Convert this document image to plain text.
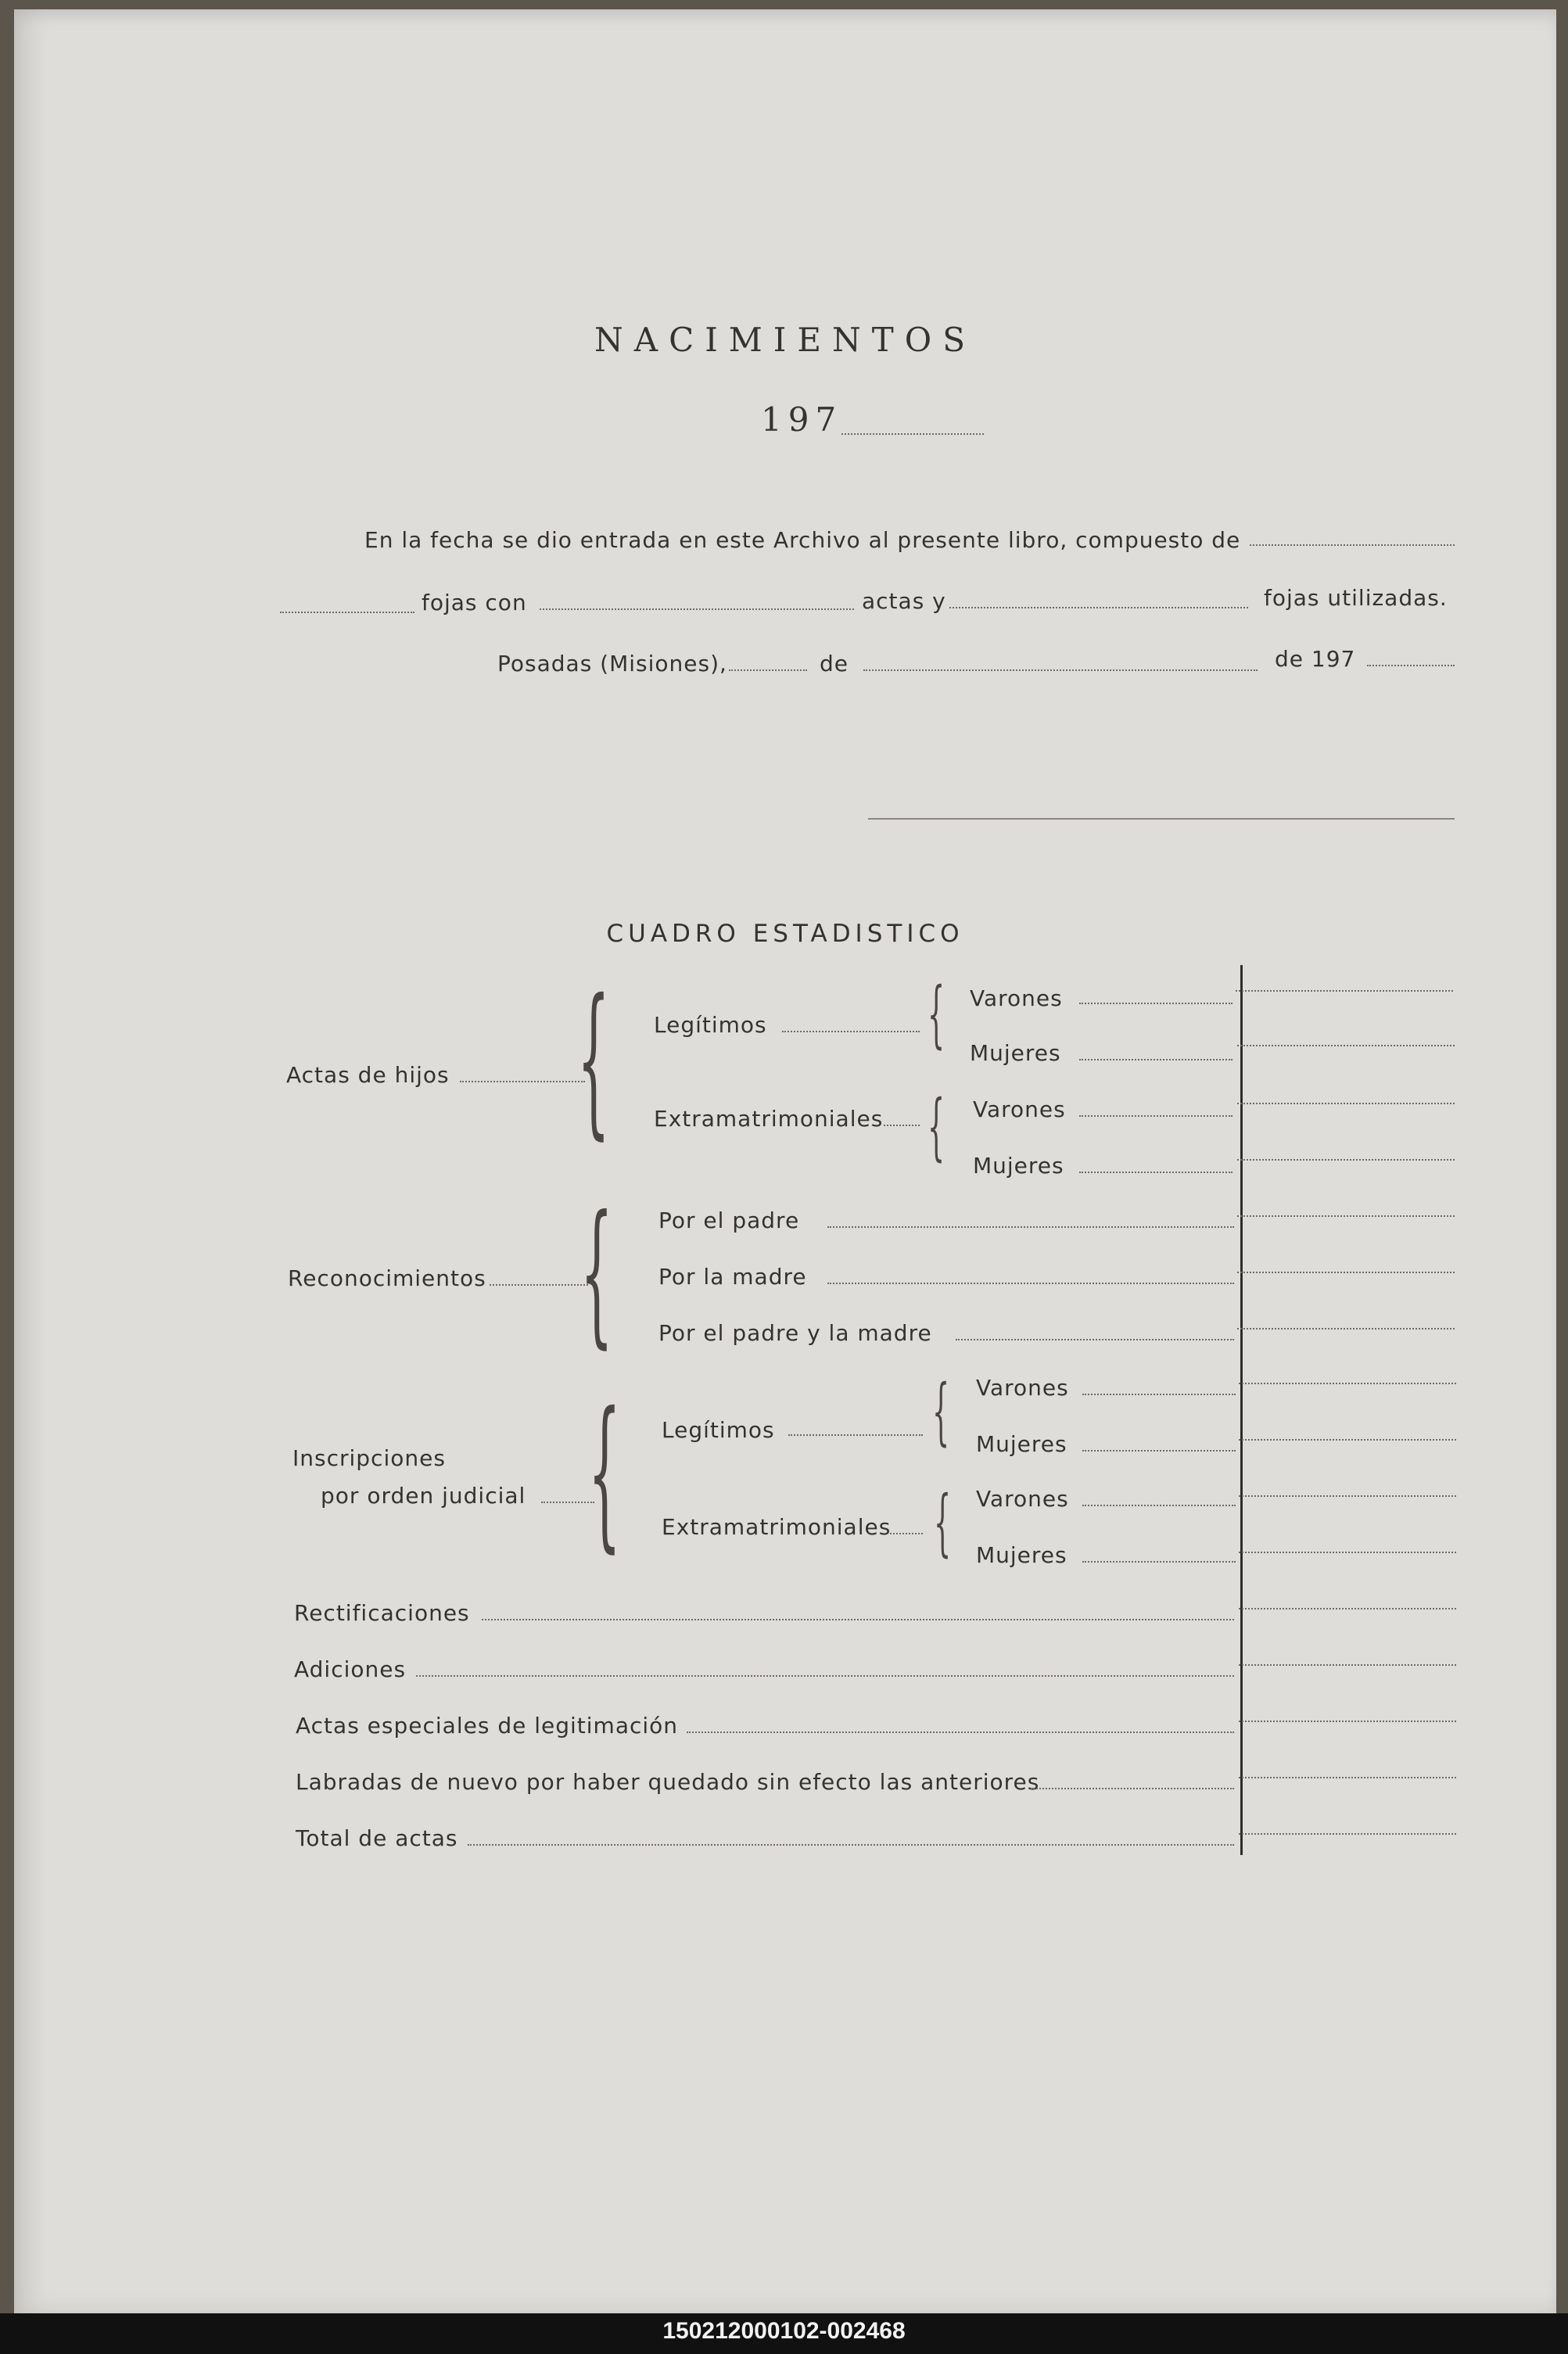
NACIMIENTOS
197
En la fecha se dio entrada en este Archivo al presente libro, compuesto de
fojas con	actas y	fojas utilizadas.
Posadas (Misiones),	de	de 197
CUADRO ESTADISTICO
Actas de hijos { Legítimos	{ Varones
Mujeres
Extramatrimoniales { Varones
Mujeres
Reconocimientos { Por el padre
Por la madre
Por el padre y la madre
Inscripciones
por orden judicial { Legítimos	{ Varones
Mujeres
Extramatrimoniales { Varones
Mujeres
Rectificaciones
Adiciones
Actas especiales de legitimación
Labradas de nuevo por haber quedado sin efecto las anteriores
Total de actas
150212000102-002468
